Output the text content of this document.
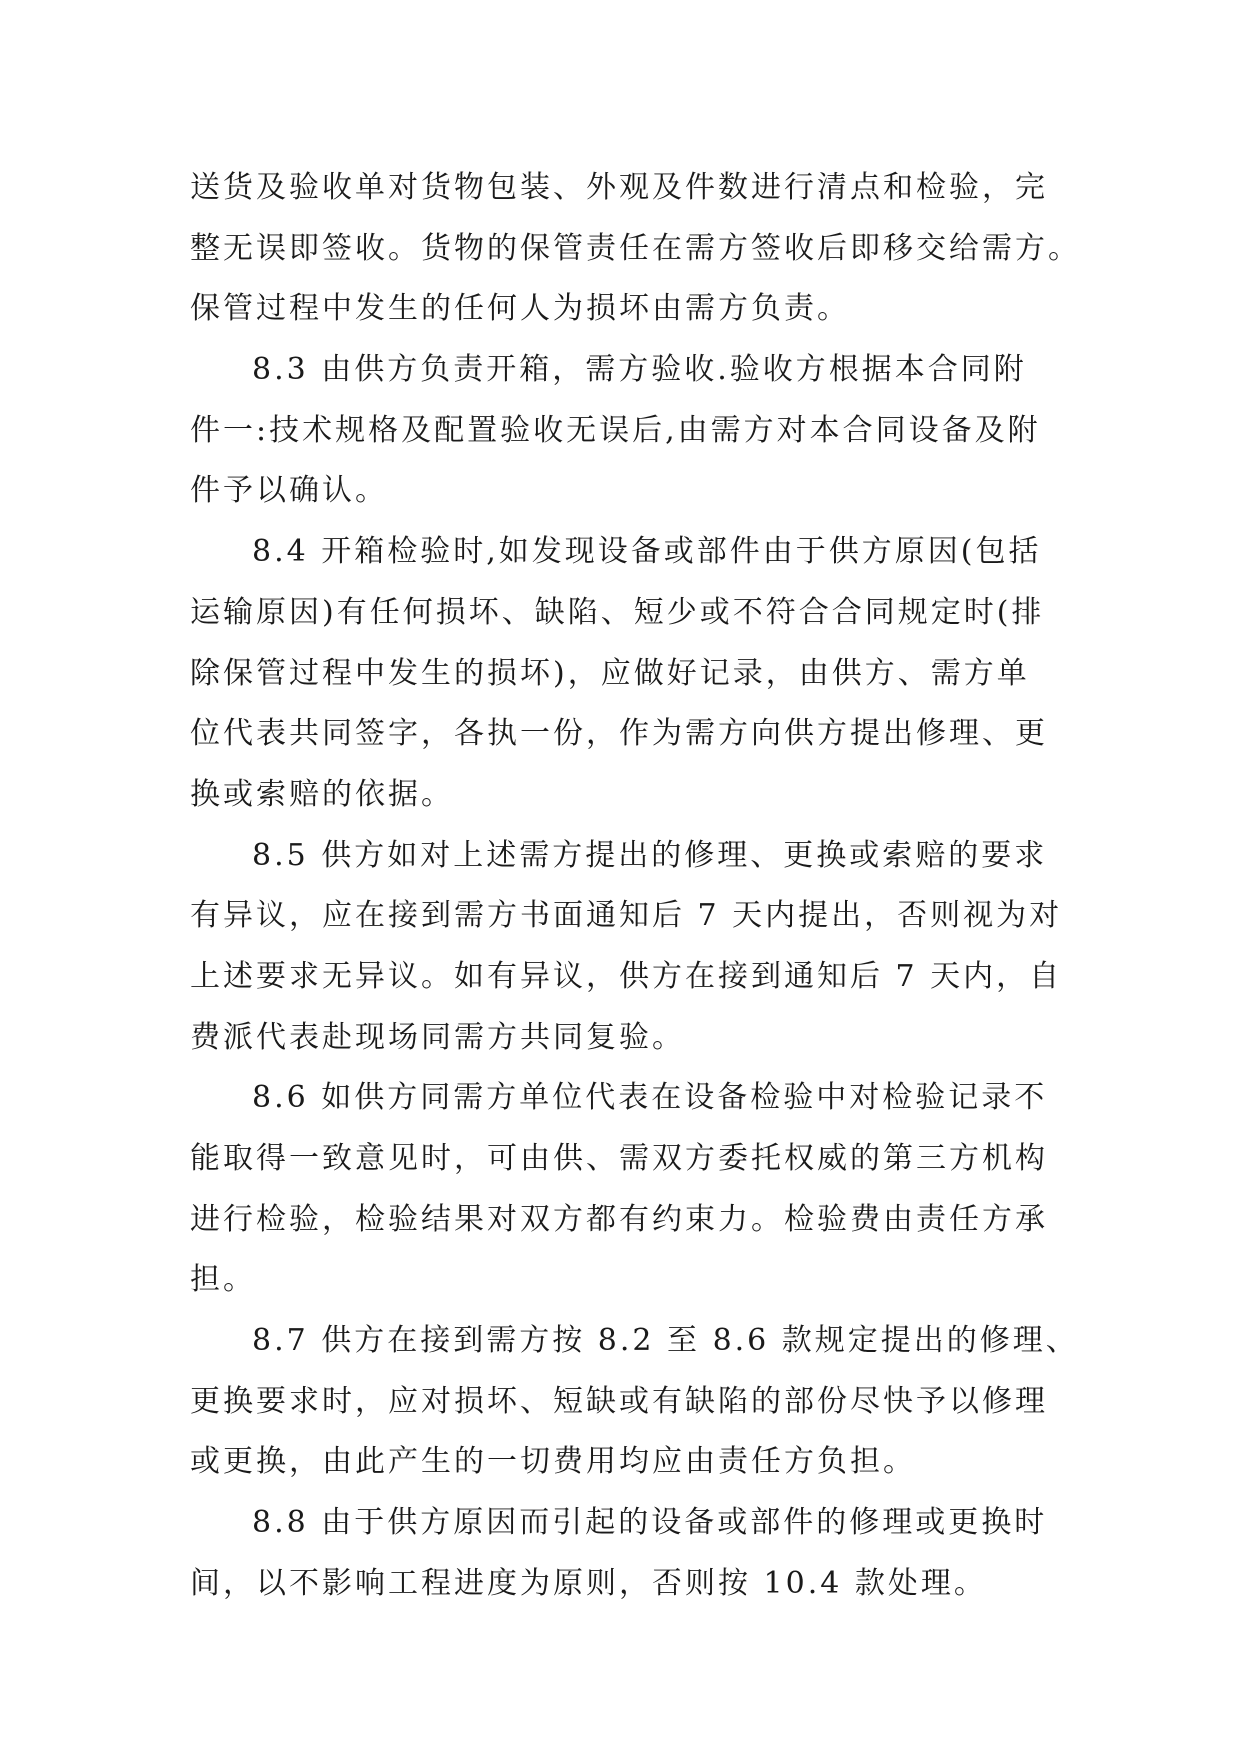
送货及验收单对货物包装、外观及件数进行清点和检验，完
整无误即签收。货物的保管责任在需方签收后即移交给需方。
保管过程中发生的任何人为损坏由需方负责。
8.3 由供方负责开箱，需方验收.验收方根据本合同附
件一:技术规格及配置验收无误后,由需方对本合同设备及附
件予以确认。
8.4 开箱检验时,如发现设备或部件由于供方原因(包括
运输原因)有任何损坏、缺陷、短少或不符合合同规定时(排
除保管过程中发生的损坏)，应做好记录，由供方、需方单
位代表共同签字，各执一份，作为需方向供方提出修理、更
换或索赔的依据。
8.5 供方如对上述需方提出的修理、更换或索赔的要求
有异议，应在接到需方书面通知后 7 天内提出，否则视为对
上述要求无异议。如有异议，供方在接到通知后 7 天内，自
费派代表赴现场同需方共同复验。
8.6 如供方同需方单位代表在设备检验中对检验记录不
能取得一致意见时，可由供、需双方委托权威的第三方机构
进行检验，检验结果对双方都有约束力。检验费由责任方承
担。
8.7 供方在接到需方按 8.2 至 8.6 款规定提出的修理、
更换要求时，应对损坏、短缺或有缺陷的部份尽快予以修理
或更换，由此产生的一切费用均应由责任方负担。
8.8 由于供方原因而引起的设备或部件的修理或更换时
间，以不影响工程进度为原则，否则按 10.4 款处理。
